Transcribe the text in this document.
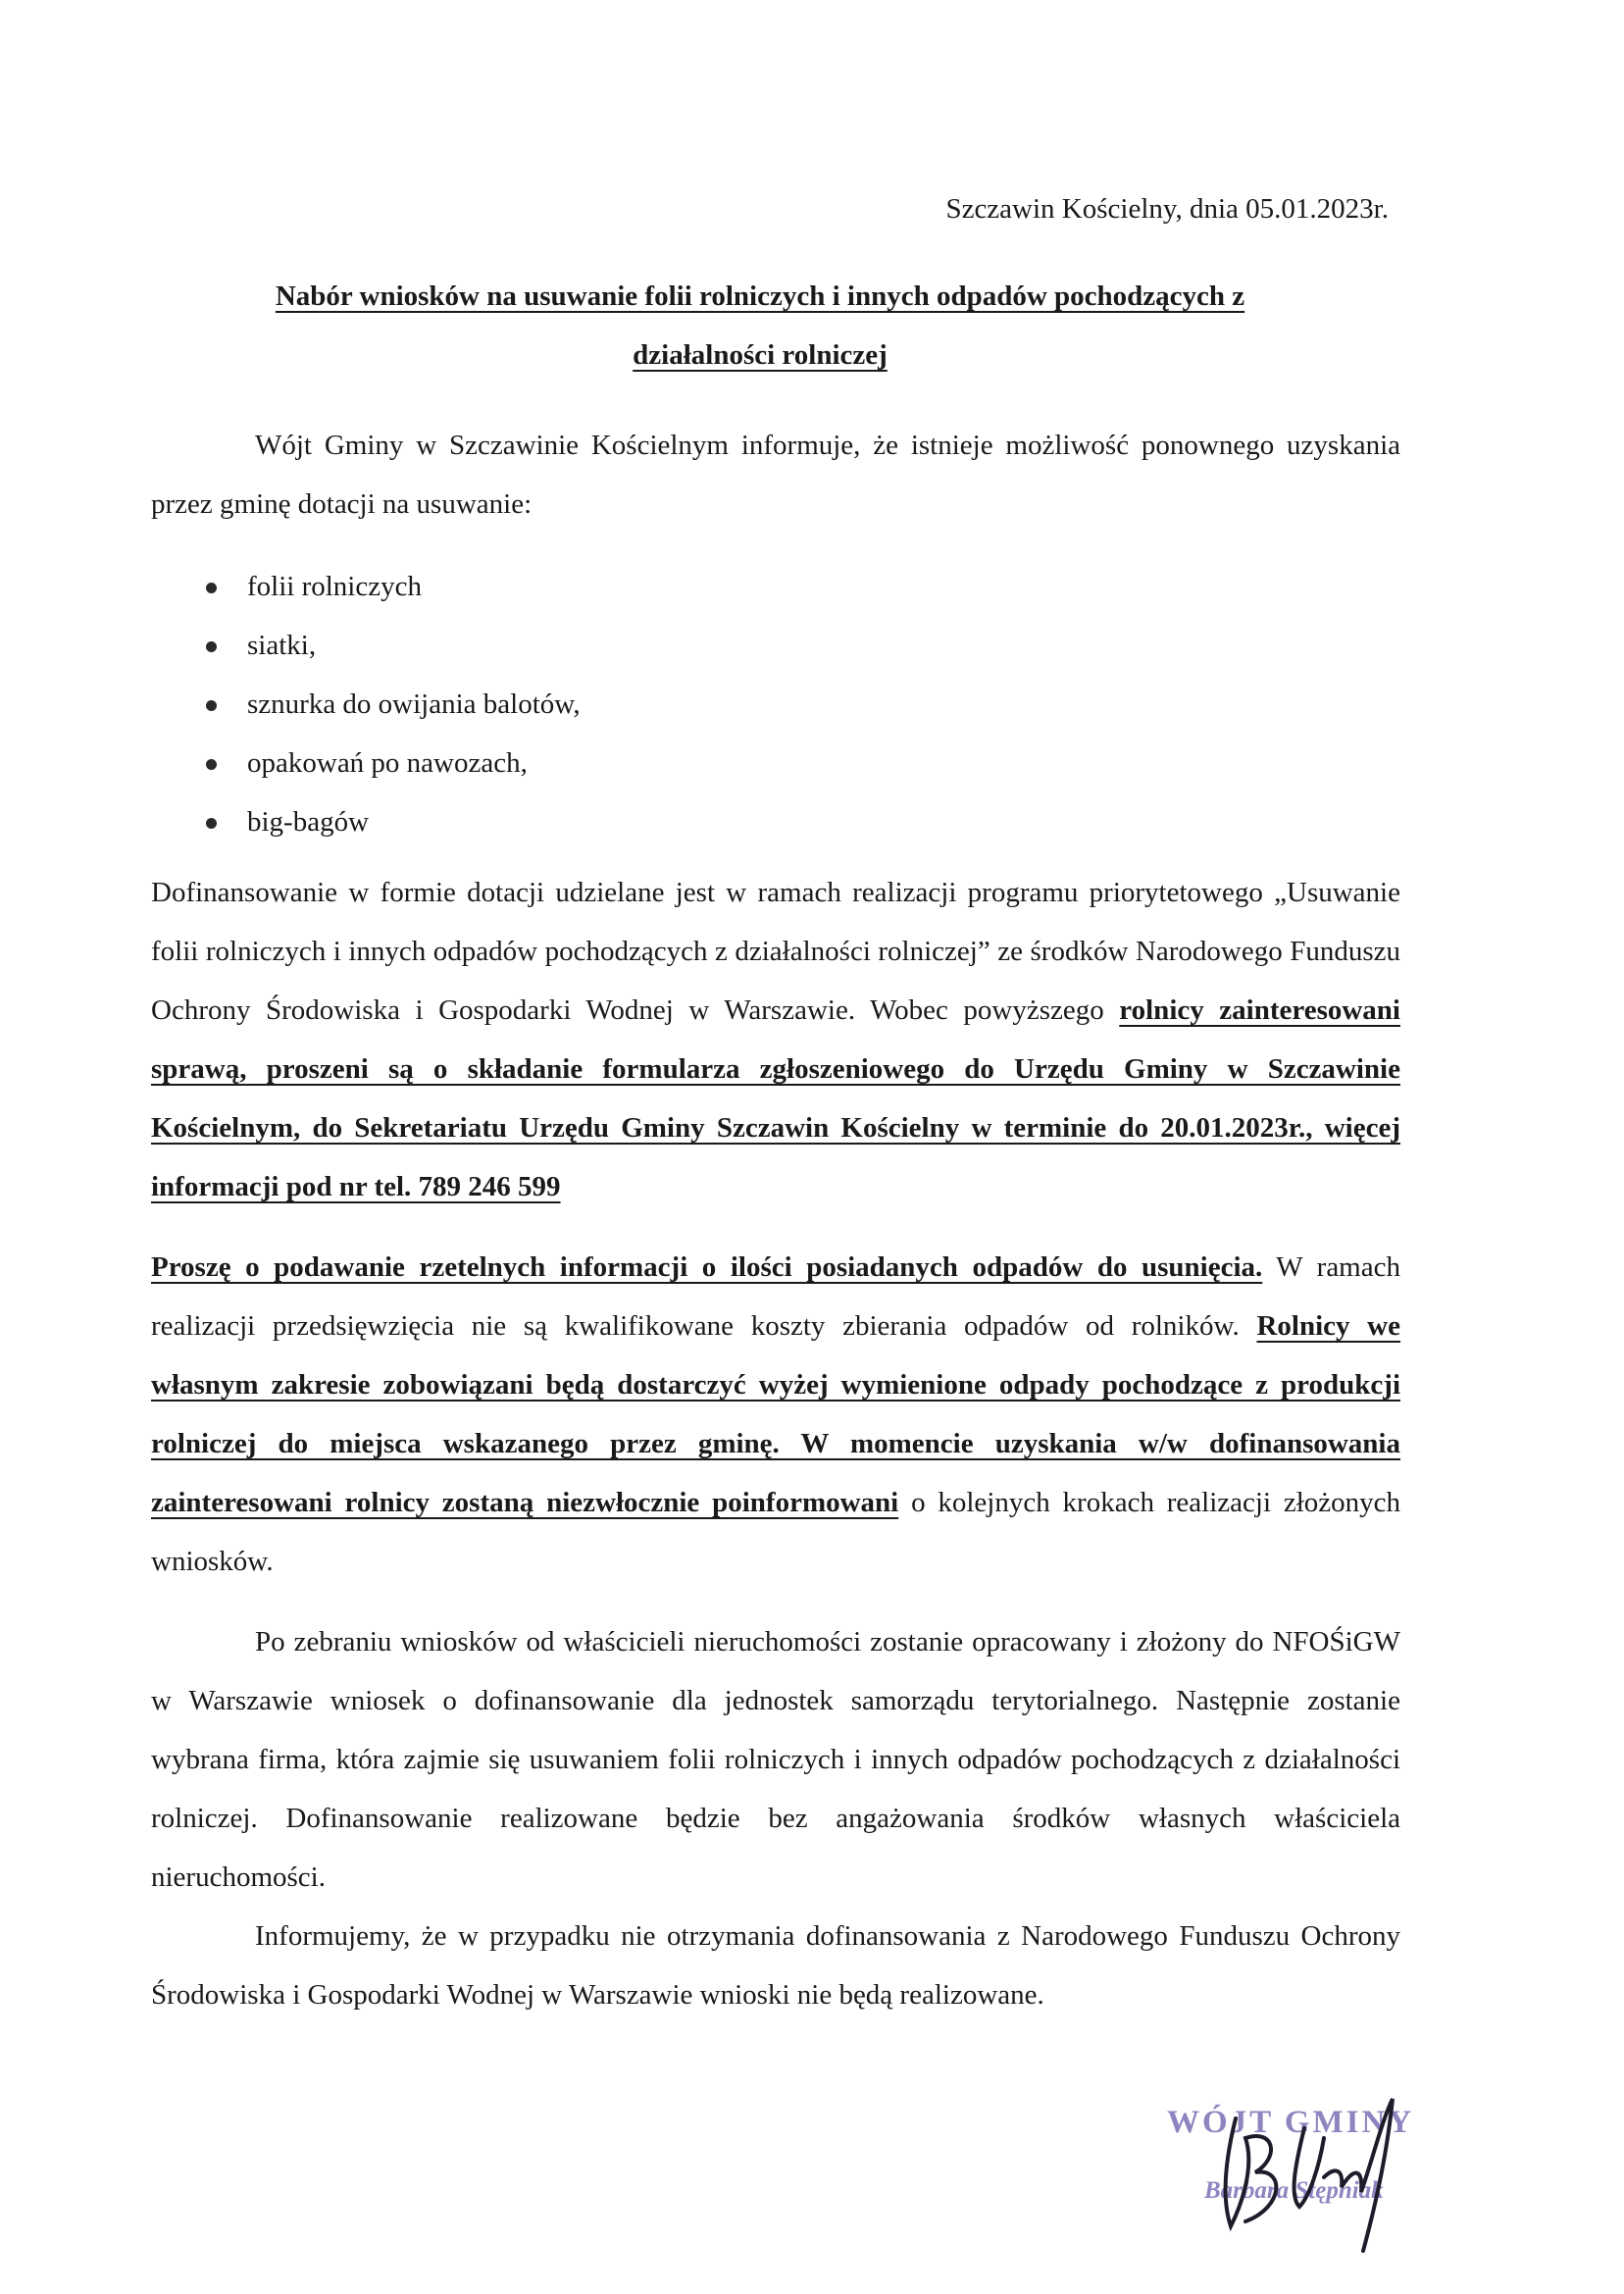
Szczawin Kościelny, dnia 05.01.2023r.
Nabór wniosków na usuwanie folii rolniczych i innych odpadów pochodzących z
działalności rolniczej

Wójt Gminy w Szczawinie Kościelnym informuje, że istnieje możliwość ponownego uzyskania przez gminę dotacji na usuwanie:

folii rolniczych
siatki,
sznurka do owijania balotów,
opakowań po nawozach,
big-bagów

Dofinansowanie w formie dotacji udzielane jest w ramach realizacji programu priorytetowego „Usuwanie folii rolniczych i innych odpadów pochodzących z działalności rolniczej” ze środków Narodowego Funduszu Ochrony Środowiska i Gospodarki Wodnej w Warszawie. Wobec powyższego rolnicy zainteresowani sprawą, proszeni są o składanie formularza zgłoszeniowego do Urzędu Gminy w Szczawinie Kościelnym, do Sekretariatu Urzędu Gminy Szczawin Kościelny w terminie do 20.01.2023r., więcej informacji pod nr tel. 789 246 599

Proszę o podawanie rzetelnych informacji o ilości posiadanych odpadów do usunięcia. W ramach realizacji przedsięwzięcia nie są kwalifikowane koszty zbierania odpadów od rolników. Rolnicy we własnym zakresie zobowiązani będą dostarczyć wyżej wymienione odpady pochodzące z produkcji rolniczej do miejsca wskazanego przez gminę. W momencie uzyskania w/w dofinansowania zainteresowani rolnicy zostaną niezwłocznie poinformowani o kolejnych krokach realizacji złożonych wniosków.

Po zebraniu wniosków od właścicieli nieruchomości zostanie opracowany i złożony do NFOŚiGW w Warszawie wniosek o dofinansowanie dla jednostek samorządu terytorialnego. Następnie zostanie wybrana firma, która zajmie się usuwaniem folii rolniczych i innych odpadów pochodzących z działalności rolniczej. Dofinansowanie realizowane będzie bez angażowania środków własnych właściciela nieruchomości.

Informujemy, że w przypadku nie otrzymania dofinansowania z Narodowego Funduszu Ochrony Środowiska i Gospodarki Wodnej w Warszawie wnioski nie będą realizowane.

WÓJT GMINY
Barbara Stępniak
